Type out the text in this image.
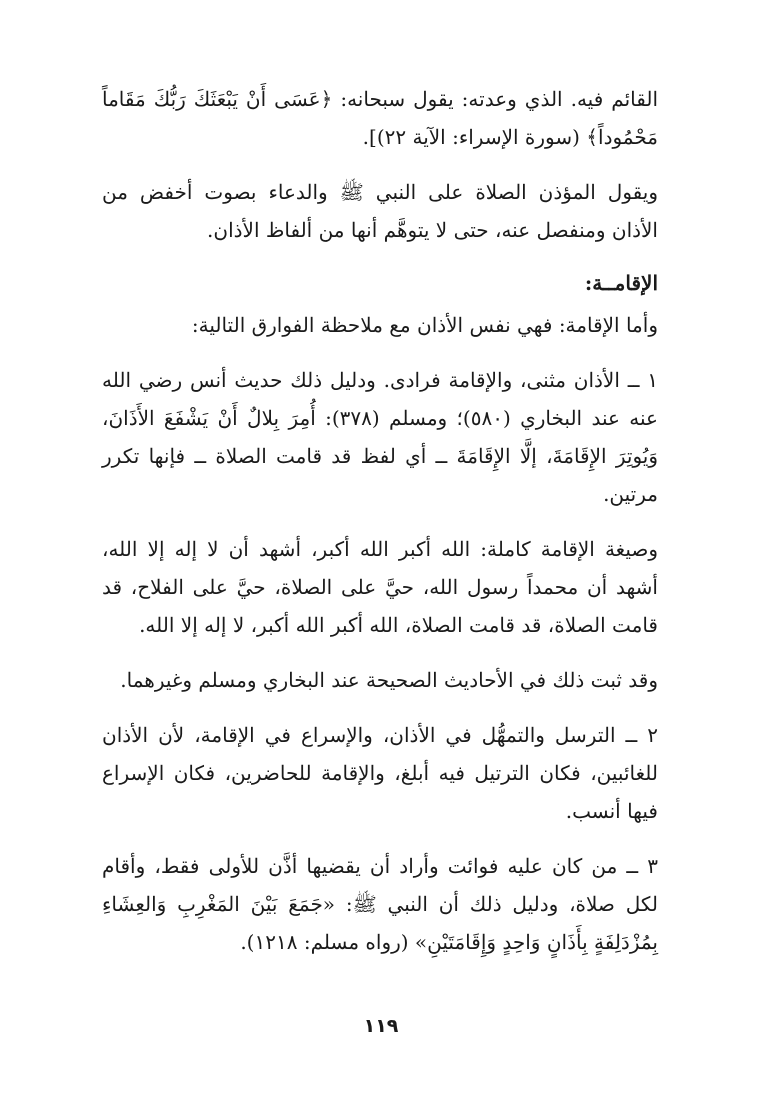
القائم فيه. الذي وعدته: يقول سبحانه: ﴿عَسَى أَنْ يَبْعَثَكَ رَبُّكَ مَقَاماً مَحْمُوداً﴾ (سورة الإسراء: الآية ٢٢)].

ويقول المؤذن الصلاة على النبي ﷺ والدعاء بصوت أخفض من الأذان ومنفصل عنه، حتى لا يتوهَّم أنها من ألفاظ الأذان.

الإقامــة:

وأما الإقامة: فهي نفس الأذان مع ملاحظة الفوارق التالية:

١ ــ الأذان مثنى، والإقامة فرادى. ودليل ذلك حديث أنس رضي الله عنه عند البخاري (٥٨٠)؛ ومسلم (٣٧٨): أُمِرَ بِلالٌ أَنْ يَشْفَعَ الأَذَانَ، وَيُوتِرَ الإِقَامَةَ، إلَّا الإِقَامَةَ ــ أي لفظ قد قامت الصلاة ــ فإنها تكرر مرتين.

وصيغة الإقامة كاملة: الله أكبر الله أكبر، أشهد أن لا إله إلا الله، أشهد أن محمداً رسول الله، حيَّ على الصلاة، حيَّ على الفلاح، قد قامت الصلاة، قد قامت الصلاة، الله أكبر الله أكبر، لا إله إلا الله.

وقد ثبت ذلك في الأحاديث الصحيحة عند البخاري ومسلم وغيرهما.

٢ ــ الترسل والتمهُّل في الأذان، والإسراع في الإقامة، لأن الأذان للغائبين، فكان الترتيل فيه أبلغ، والإقامة للحاضرين، فكان الإسراع فيها أنسب.

٣ ــ من كان عليه فوائت وأراد أن يقضيها أذَّن للأولى فقط، وأقام لكل صلاة، ودليل ذلك أن النبي ﷺ: «جَمَعَ بَيْنَ المَغْرِبِ وَالعِشَاءِ بِمُزْدَلِفَةٍ بِأَذَانٍ وَاحِدٍ وَإِقَامَتَيْنِ» (رواه مسلم: ١٢١٨).

١١٩
